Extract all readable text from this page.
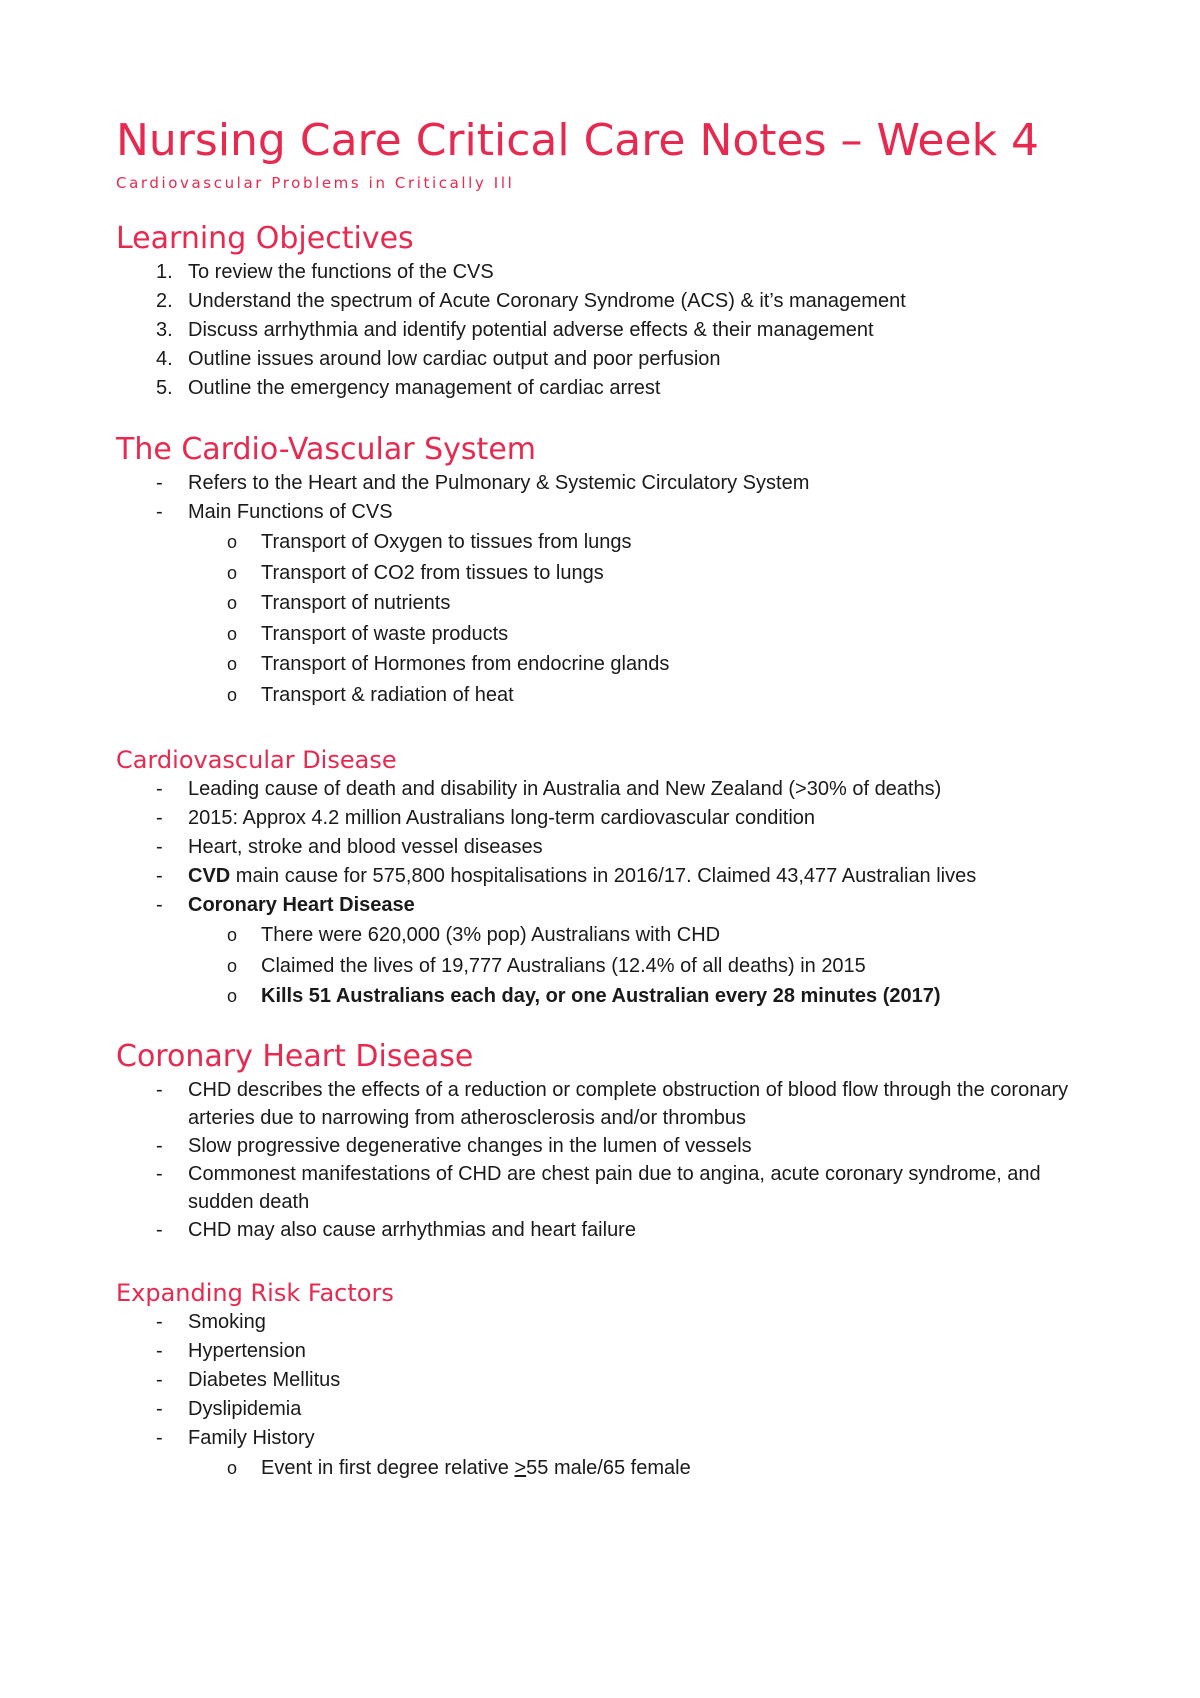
Nursing Care Critical Care Notes – Week 4
Cardiovascular Problems in Critically Ill
Learning Objectives
1. To review the functions of the CVS
2. Understand the spectrum of Acute Coronary Syndrome (ACS) & it’s management
3. Discuss arrhythmia and identify potential adverse effects & their management
4. Outline issues around low cardiac output and poor perfusion
5. Outline the emergency management of cardiac arrest
The Cardio-Vascular System
-	Refers to the Heart and the Pulmonary & Systemic Circulatory System
-	Main Functions of CVS
o Transport of Oxygen to tissues from lungs
o Transport of CO2 from tissues to lungs
o Transport of nutrients
o Transport of waste products
o Transport of Hormones from endocrine glands
o Transport & radiation of heat
Cardiovascular Disease
-	Leading cause of death and disability in Australia and New Zealand (>30% of deaths)
-	2015: Approx 4.2 million Australians long-term cardiovascular condition
-	Heart, stroke and blood vessel diseases
-	CVD main cause for 575,800 hospitalisations in 2016/17. Claimed 43,477 Australian lives
-	Coronary Heart Disease
o There were 620,000 (3% pop) Australians with CHD
o Claimed the lives of 19,777 Australians (12.4% of all deaths) in 2015
o Kills 51 Australians each day, or one Australian every 28 minutes (2017)
Coronary Heart Disease
-	CHD describes the effects of a reduction or complete obstruction of blood flow through the coronary arteries due to narrowing from atherosclerosis and/or thrombus
-	Slow progressive degenerative changes in the lumen of vessels
-	Commonest manifestations of CHD are chest pain due to angina, acute coronary syndrome, and sudden death
-	CHD may also cause arrhythmias and heart failure
Expanding Risk Factors
-	Smoking
-	Hypertension
-	Diabetes Mellitus
-	Dyslipidemia
-	Family History
o Event in first degree relative ≥55 male/65 female
